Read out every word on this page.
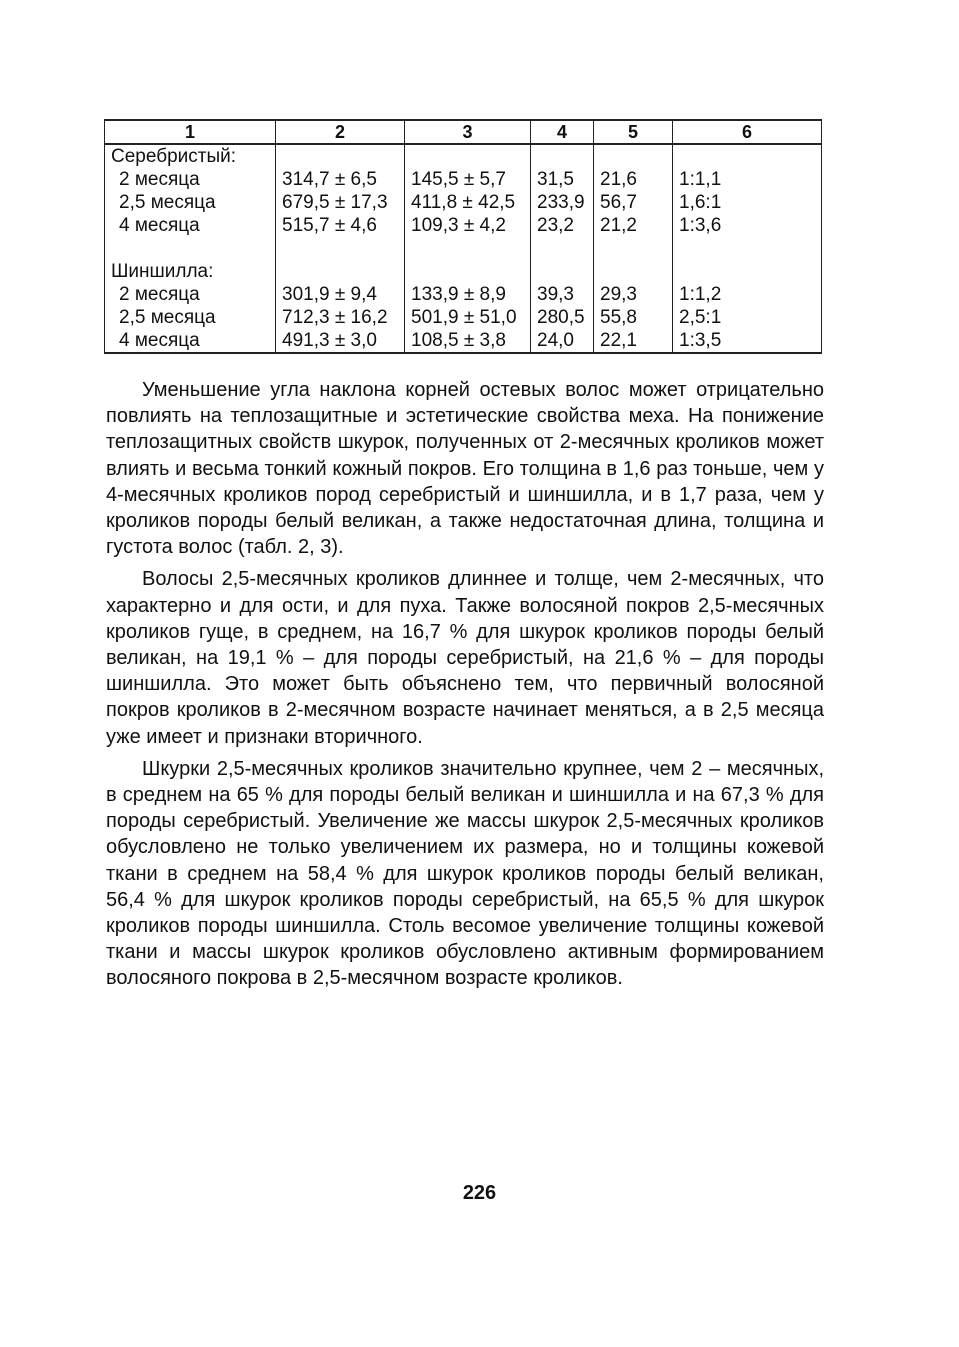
1	2	3	4	5	6
Серебристый:					
2 месяца	314,7 ± 6,5	145,5 ± 5,7	31,5	21,6	1:1,1
2,5 месяца	679,5 ± 17,3	411,8 ± 42,5	233,9	56,7	1,6:1
4 месяца	515,7 ± 4,6	109,3 ± 4,2	23,2	21,2	1:3,6

Шиншилла:					
2 месяца	301,9 ± 9,4	133,9 ± 8,9	39,3	29,3	1:1,2
2,5 месяца	712,3 ± 16,2	501,9 ± 51,0	280,5	55,8	2,5:1
4 месяца	491,3 ± 3,0	108,5 ± 3,8	24,0	22,1	1:3,5

Уменьшение угла наклона корней остевых волос может отрицательно повлиять на теплозащитные и эстетические свойства меха. На понижение теплозащитных свойств шкурок, полученных от 2-месячных кроликов может влиять и весьма тонкий кожный покров. Его толщина в 1,6 раз тоньше, чем у 4-месячных кроликов пород серебристый и шиншилла, и в 1,7 раза, чем у кроликов породы белый великан, а также недостаточная длина, толщина и густота волос (табл. 2, 3).

Волосы 2,5-месячных кроликов длиннее и толще, чем 2-месячных, что характерно и для ости, и для пуха. Также волосяной покров 2,5-месячных кроликов гуще, в среднем, на 16,7 % для шкурок кроликов породы белый великан, на 19,1 % – для породы серебристый, на 21,6 % – для породы шиншилла. Это может быть объяснено тем, что первичный волосяной покров кроликов в 2-месячном возрасте начинает меняться, а в 2,5 месяца уже имеет и признаки вторичного.

Шкурки 2,5-месячных кроликов значительно крупнее, чем 2 – месячных, в среднем на 65 % для породы белый великан и шиншилла и на 67,3 % для породы серебристый. Увеличение же массы шкурок 2,5-месячных кроликов обусловлено не только увеличением их размера, но и толщины кожевой ткани в среднем на 58,4 % для шкурок кроликов породы белый великан, 56,4 % для шкурок кроликов породы серебристый, на 65,5 % для шкурок кроликов породы шиншилла. Столь весомое увеличение толщины кожевой ткани и массы шкурок кроликов обусловлено активным формированием волосяного покрова в 2,5-месячном возрасте кроликов.

226
